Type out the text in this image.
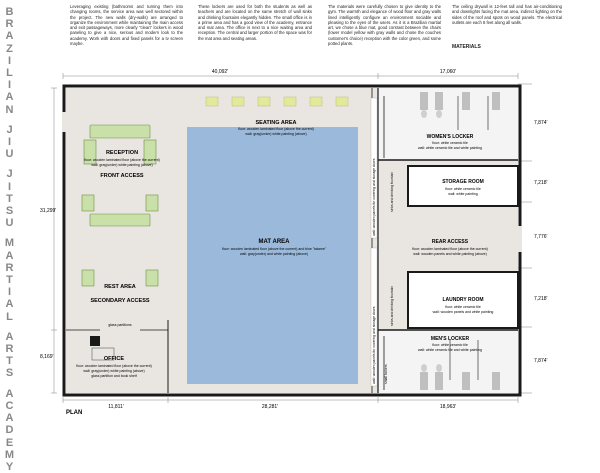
B
R
A
Z
I
L
I
A
N
J
I
U
J
I
T
S
U
M
A
R
T
I
A
L
A
R
T
S
A
C
A
D
E
M
Y
Leveraging existing (bathrooms and turning them into changing rooms, the service area was well sectored within the project. The new walls (dry-walls) are arranged to organize the environment while maintaining the main access and exit passageways, more clearly "clean" lockers in wood paneling to give a nice, serious and modern look to the academy. Work with doors and fixed panels for a tv screen maybe.
These lockers are used for both the students as well as teachers and are located on the same stretch of wall sinks and drinking fountains elegantly hidden. The small office is in a prime area and has a good view of the academy, entrance and mat area. The office is next to a nice waiting area and reception. The central and larger portion of the space was for the mat area and seating areas.
The materials were carefully chosen to give identity to the gym. The warmth and elegance of wood floor and gray walls lined intelligently configure an environment sociable and pleasing to the eyes of the users. As it is a Brazilian martial art, we chose a blue mat, good contrast between the chairs (lower model yellow with gray walls and chose the couches customer's choice) reception with the color green, and some potted plants.
The ceiling drywall is 12-feet tall and has air-conditioning and downlights facing the mat area, indirect lighting on the sides of the roof and spots on wood panels. The electrical outlets are each 8 feet along all walls.
MATERIALS
40,092'	17,060'
31,299'
8,169'
11,811'	28,281'	18,963'
7,874'
7,218'
7,776'
7,218'
7,874'
SEATING AREA
floor: wooden laminated floor (above the current)
wall: gray(under) white painting (above)
RECEPTION
floor: wooden laminated floor (above the current)
wall: gray(under) white painting (above)
FRONT ACCESS
MAT AREA
floor: wooden laminated floor (above the current) and blue "tatame"
wall: gray(under) and white painting (above)
REST AREA
SECONDARY ACCESS
glass partitions
OFFICE
floor: wooden laminated floor (above the current)
wall: gray(under) white painting (above)
glass partition and book shelf
WOMEN'S LOCKER
floor: white ceramic tile
wall: white ceramic tile and white painting
STORAGE ROOM
floor: white ceramic tile
wall: white painting
REAR ACCESS
floor: wooden laminated floor (above the current)
wall: wooden panels and white painting (above)
LAUNDRY ROOM
floor: white ceramic tile
wall: wooden panels and white painting
MEN'S LOCKER
floor: white ceramic tile
wall: white ceramic tile and white painting
wall: wooden panels for covering and storage doors
wall: wooden panels for covering and storage doors
sinks and drinking fountain
sinks and drinking fountain
small lockers
PLAN
